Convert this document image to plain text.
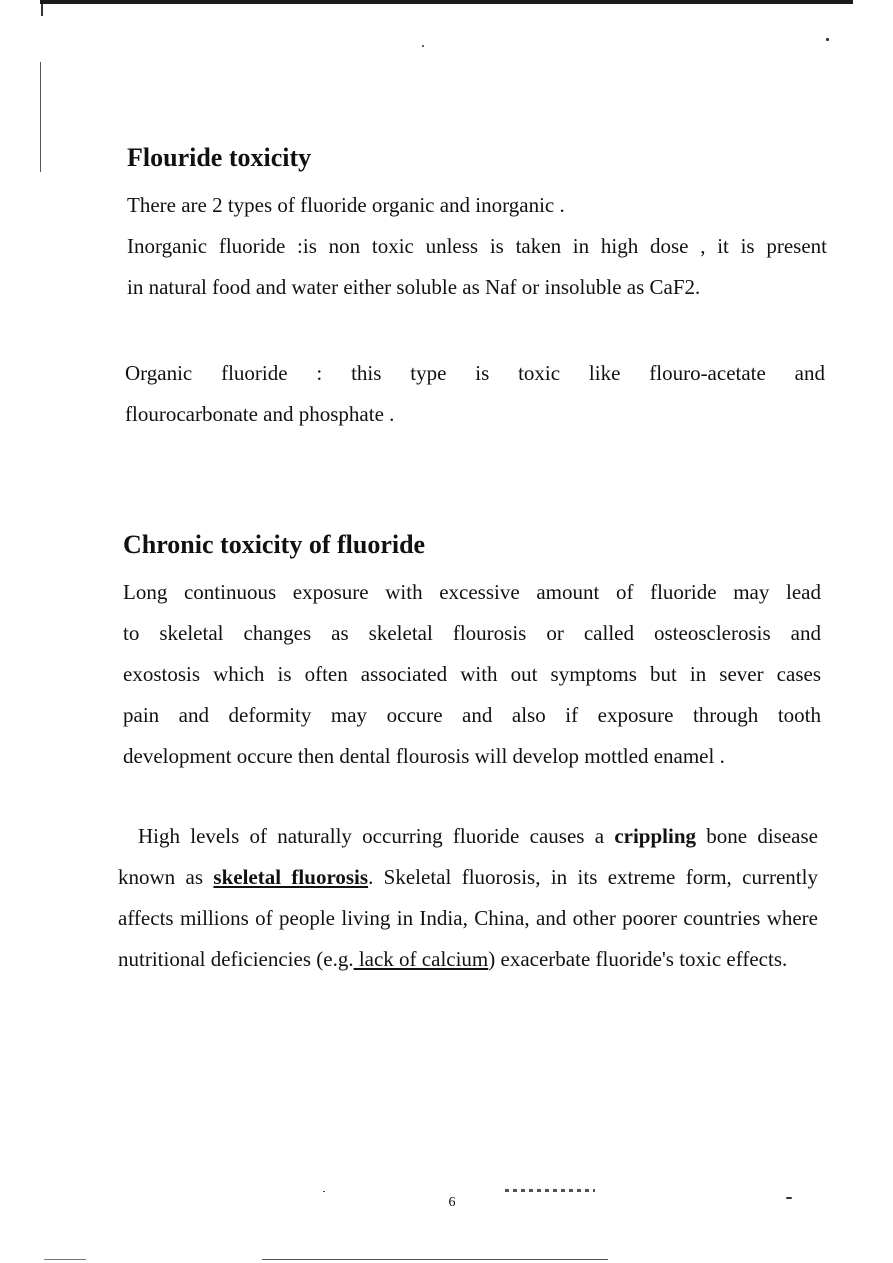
Flouride toxicity
There are 2 types of fluoride organic and inorganic .
Inorganic fluoride :is non toxic unless is taken in high dose , it is present
in natural food and water either soluble as Naf or insoluble as CaF2.
Organic fluoride : this type is toxic like flouro-acetate and
flourocarbonate and phosphate .
Chronic toxicity of fluoride
Long continuous exposure with excessive amount of fluoride may lead
to skeletal changes as skeletal flourosis or called osteosclerosis and
exostosis which is often associated with out symptoms but in sever cases
pain and deformity may occure and also if exposure through tooth
development occure then dental flourosis will develop mottled enamel .
High levels of naturally occurring fluoride causes a crippling bone disease known as skeletal fluorosis. Skeletal fluorosis, in its extreme form, currently affects millions of people living in India, China, and other poorer countries where nutritional deficiencies (e.g. lack of calcium) exacerbate fluoride's toxic effects.
6
